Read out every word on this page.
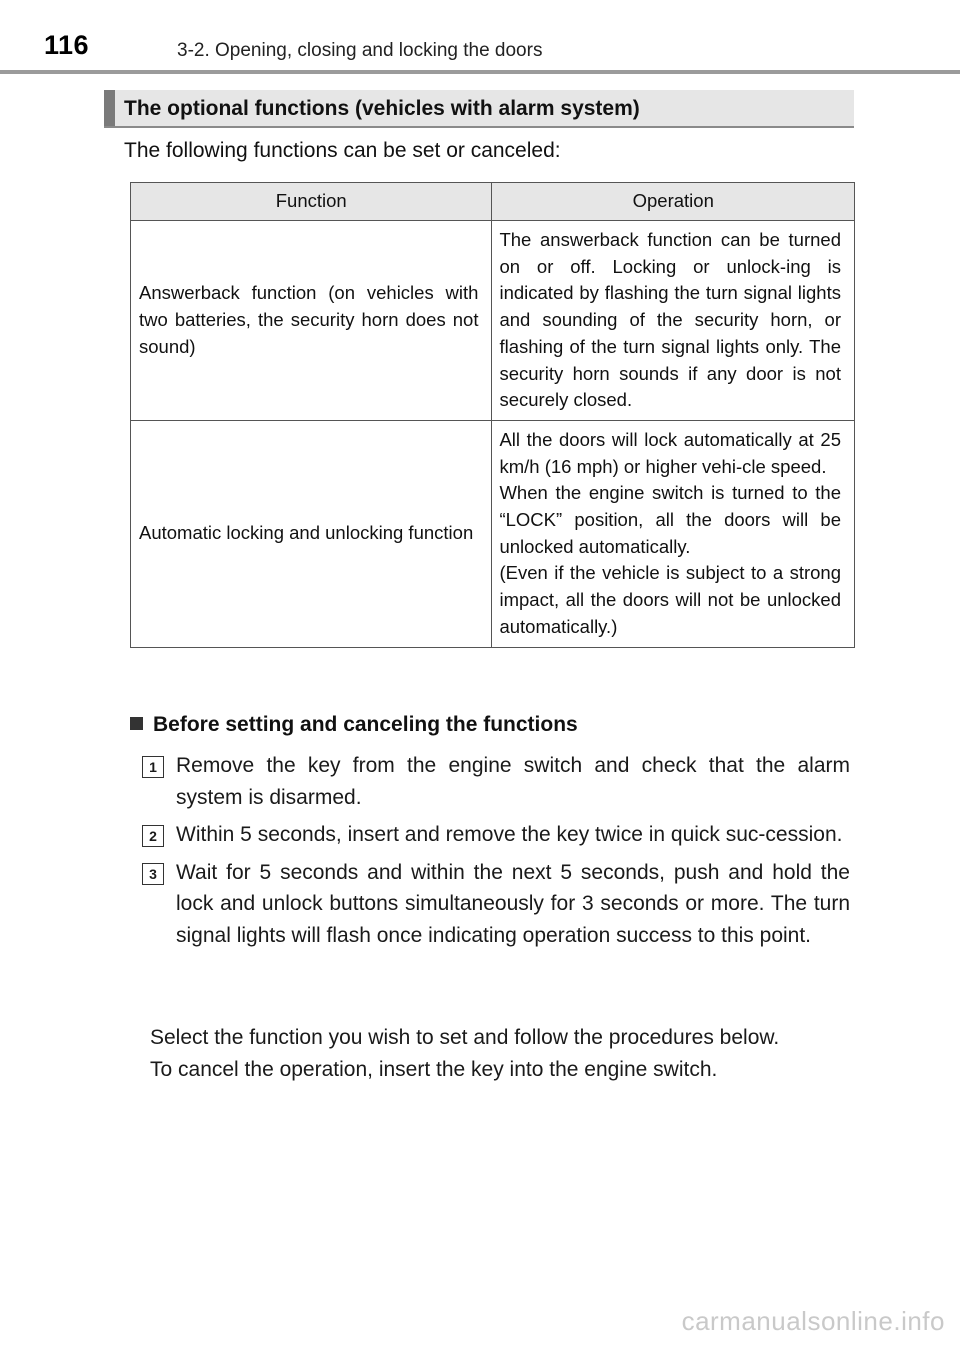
116	3-2. Opening, closing and locking the doors
The optional functions (vehicles with alarm system)
The following functions can be set or canceled:
Function	Operation
Answerback function (on vehicles with two batteries, the security horn does not sound)	The answerback function can be turned on or off. Locking or unlock-ing is indicated by flashing the turn signal lights and sounding of the security horn, or flashing of the turn signal lights only. The security horn sounds if any door is not securely closed.

Automatic locking and unlocking function	All the doors will lock automatically at 25 km/h (16 mph) or higher vehi-cle speed.
When the engine switch is turned to the “LOCK” position, all the doors will be unlocked automatically.
(Even if the vehicle is subject to a strong impact, all the doors will not be unlocked automatically.)
Before setting and canceling the functions
1 Remove the key from the engine switch and check that the alarm system is disarmed.
2 Within 5 seconds, insert and remove the key twice in quick suc-cession.
3 Wait for 5 seconds and within the next 5 seconds, push and hold the lock and unlock buttons simultaneously for 3 seconds or more. The turn signal lights will flash once indicating operation success to this point.

Select the function you wish to set and follow the procedures below.

To cancel the operation, insert the key into the engine switch.

carmanualsonline.info
